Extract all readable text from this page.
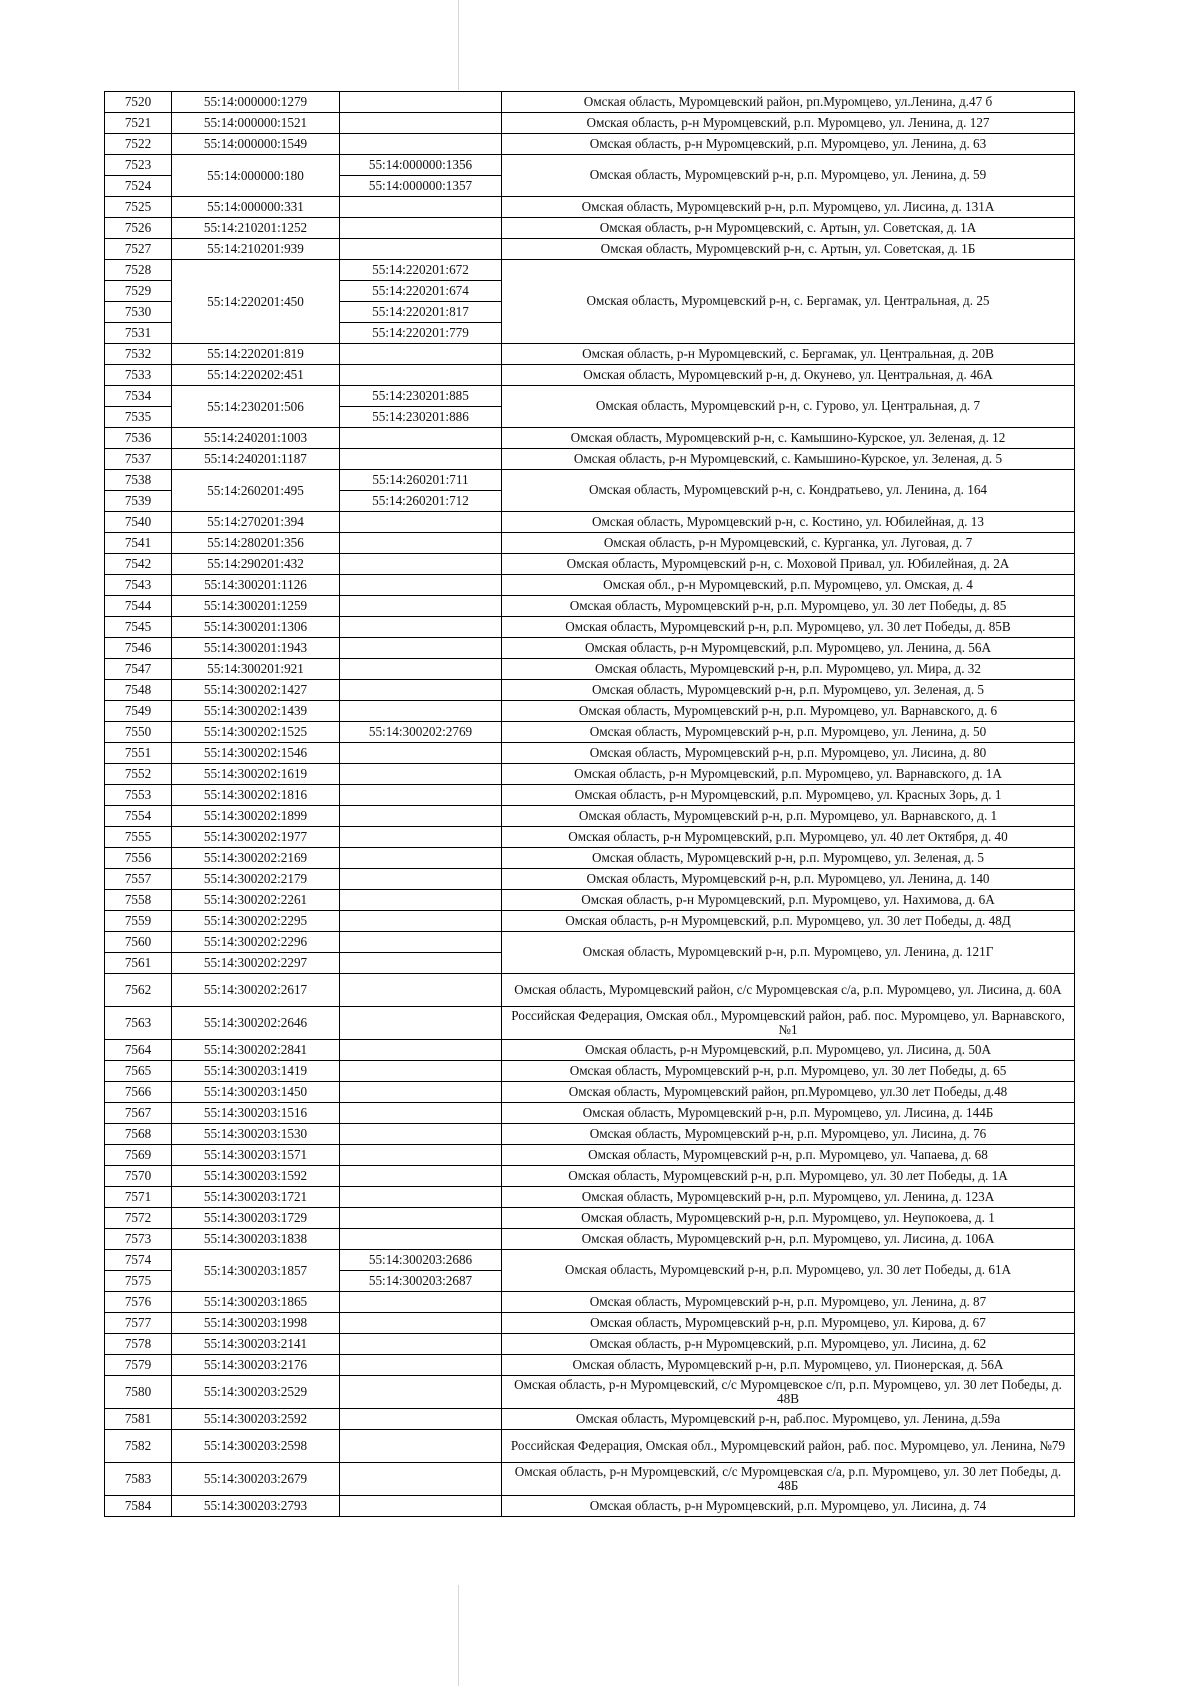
7520	55:14:000000:1279		Омская область, Муромцевский район, рп.Муромцево, ул.Ленина, д.47 б
7521	55:14:000000:1521		Омская область, р-н Муромцевский, р.п. Муромцево, ул. Ленина, д. 127
7522	55:14:000000:1549		Омская область, р-н Муромцевский, р.п. Муромцево, ул. Ленина, д. 63
7523	55:14:000000:180	55:14:000000:1356	Омская область, Муромцевский р-н, р.п. Муромцево, ул. Ленина, д. 59
7524		55:14:000000:1357	
7525	55:14:000000:331		Омская область, Муромцевский р-н, р.п. Муромцево, ул. Лисина, д. 131А
7526	55:14:210201:1252		Омская область, р-н Муромцевский, с. Артын, ул. Советская, д. 1А
7527	55:14:210201:939		Омская область, Муромцевский р-н, с. Артын, ул. Советская, д. 1Б
7528	55:14:220201:450	55:14:220201:672	Омская область, Муромцевский р-н, с. Бергамак, ул. Центральная, д. 25
7529		55:14:220201:674	
7530		55:14:220201:817	
7531		55:14:220201:779	
7532	55:14:220201:819		Омская область, р-н Муромцевский, с. Бергамак, ул. Центральная, д. 20В
7533	55:14:220202:451		Омская область, Муромцевский р-н, д. Окунево, ул. Центральная, д. 46А
7534	55:14:230201:506	55:14:230201:885	Омская область, Муромцевский р-н, с. Гурово, ул. Центральная, д. 7
7535		55:14:230201:886	
7536	55:14:240201:1003		Омская область, Муромцевский р-н, с. Камышино-Курское, ул. Зеленая, д. 12
7537	55:14:240201:1187		Омская область, р-н Муромцевский, с. Камышино-Курское, ул. Зеленая, д. 5
7538	55:14:260201:495	55:14:260201:711	Омская область, Муромцевский р-н, с. Кондратьево, ул. Ленина, д. 164
7539		55:14:260201:712	
7540	55:14:270201:394		Омская область, Муромцевский р-н, с. Костино, ул. Юбилейная, д. 13
7541	55:14:280201:356		Омская область, р-н Муромцевский, с. Курганка, ул. Луговая, д. 7
7542	55:14:290201:432		Омская область, Муромцевский р-н, с. Моховой Привал, ул. Юбилейная, д. 2А
7543	55:14:300201:1126		Омская обл., р-н Муромцевский, р.п. Муромцево, ул. Омская, д. 4
7544	55:14:300201:1259		Омская область, Муромцевский р-н, р.п. Муромцево, ул. 30 лет Победы, д. 85
7545	55:14:300201:1306		Омская область, Муромцевский р-н, р.п. Муромцево, ул. 30 лет Победы, д. 85В
7546	55:14:300201:1943		Омская область, р-н Муромцевский, р.п. Муромцево, ул. Ленина, д. 56А
7547	55:14:300201:921		Омская область, Муромцевский р-н, р.п. Муромцево, ул. Мира, д. 32
7548	55:14:300202:1427		Омская область, Муромцевский р-н, р.п. Муромцево, ул. Зеленая, д. 5
7549	55:14:300202:1439		Омская область, Муромцевский р-н, р.п. Муромцево, ул. Варнавского, д. 6
7550	55:14:300202:1525	55:14:300202:2769	Омская область, Муромцевский р-н, р.п. Муромцево, ул. Ленина, д. 50
7551	55:14:300202:1546		Омская область, Муромцевский р-н, р.п. Муромцево, ул. Лисина, д. 80
7552	55:14:300202:1619		Омская область, р-н Муромцевский, р.п. Муромцево, ул. Варнавского, д. 1А
7553	55:14:300202:1816		Омская область, р-н Муромцевский, р.п. Муромцево, ул. Красных Зорь, д. 1
7554	55:14:300202:1899		Омская область, Муромцевский р-н, р.п. Муромцево, ул. Варнавского, д. 1
7555	55:14:300202:1977		Омская область, р-н Муромцевский, р.п. Муромцево, ул. 40 лет Октября, д. 40
7556	55:14:300202:2169		Омская область, Муромцевский р-н, р.п. Муромцево, ул. Зеленая, д. 5
7557	55:14:300202:2179		Омская область, Муромцевский р-н, р.п. Муромцево, ул. Ленина, д. 140
7558	55:14:300202:2261		Омская область, р-н Муромцевский, р.п. Муромцево, ул. Нахимова, д. 6А
7559	55:14:300202:2295		Омская область, р-н Муромцевский, р.п. Муромцево, ул. 30 лет Победы, д. 48Д
7560	55:14:300202:2296		Омская область, Муромцевский р-н, р.п. Муромцево, ул. Ленина, д. 121Г
7561	55:14:300202:2297		
7562	55:14:300202:2617		Омская область, Муромцевский район, с/с Муромцевская с/а, р.п. Муромцево, ул. Лисина, д. 60А
7563	55:14:300202:2646		Российская Федерация, Омская обл., Муромцевский район, раб. пос. Муромцево, ул. Варнавского, №1
7564	55:14:300202:2841		Омская область, р-н Муромцевский, р.п. Муромцево, ул. Лисина, д. 50А
7565	55:14:300203:1419		Омская область, Муромцевский р-н, р.п. Муромцево, ул. 30 лет Победы, д. 65
7566	55:14:300203:1450		Омская область, Муромцевский район, рп.Муромцево, ул.30 лет Победы, д.48
7567	55:14:300203:1516		Омская область, Муромцевский р-н, р.п. Муромцево, ул. Лисина, д. 144Б
7568	55:14:300203:1530		Омская область, Муромцевский р-н, р.п. Муромцево, ул. Лисина, д. 76
7569	55:14:300203:1571		Омская область, Муромцевский р-н, р.п. Муромцево, ул. Чапаева, д. 68
7570	55:14:300203:1592		Омская область, Муромцевский р-н, р.п. Муромцево, ул. 30 лет Победы, д. 1А
7571	55:14:300203:1721		Омская область, Муромцевский р-н, р.п. Муромцево, ул. Ленина, д. 123А
7572	55:14:300203:1729		Омская область, Муромцевский р-н, р.п. Муромцево, ул. Неупокоева, д. 1
7573	55:14:300203:1838		Омская область, Муромцевский р-н, р.п. Муромцево, ул. Лисина, д. 106А
7574	55:14:300203:1857	55:14:300203:2686	Омская область, Муромцевский р-н, р.п. Муромцево, ул. 30 лет Победы, д. 61А
7575		55:14:300203:2687	
7576	55:14:300203:1865		Омская область, Муромцевский р-н, р.п. Муромцево, ул. Ленина, д. 87
7577	55:14:300203:1998		Омская область, Муромцевский р-н, р.п. Муромцево, ул. Кирова, д. 67
7578	55:14:300203:2141		Омская область, р-н Муромцевский, р.п. Муромцево, ул. Лисина, д. 62
7579	55:14:300203:2176		Омская область, Муромцевский р-н, р.п. Муромцево, ул. Пионерская, д. 56А
7580	55:14:300203:2529		Омская область, р-н Муромцевский, с/с Муромцевское с/п, р.п. Муромцево, ул. 30 лет Победы, д. 48В
7581	55:14:300203:2592		Омская область, Муромцевский р-н, раб.пос. Муромцево, ул. Ленина, д.59а
7582	55:14:300203:2598		Российская Федерация, Омская обл., Муромцевский район, раб. пос. Муромцево, ул. Ленина, №79
7583	55:14:300203:2679		Омская область, р-н Муромцевский, с/с Муромцевская с/а, р.п. Муромцево, ул. 30 лет Победы, д. 48Б
7584	55:14:300203:2793		Омская область, р-н Муромцевский, р.п. Муромцево, ул. Лисина, д. 74
